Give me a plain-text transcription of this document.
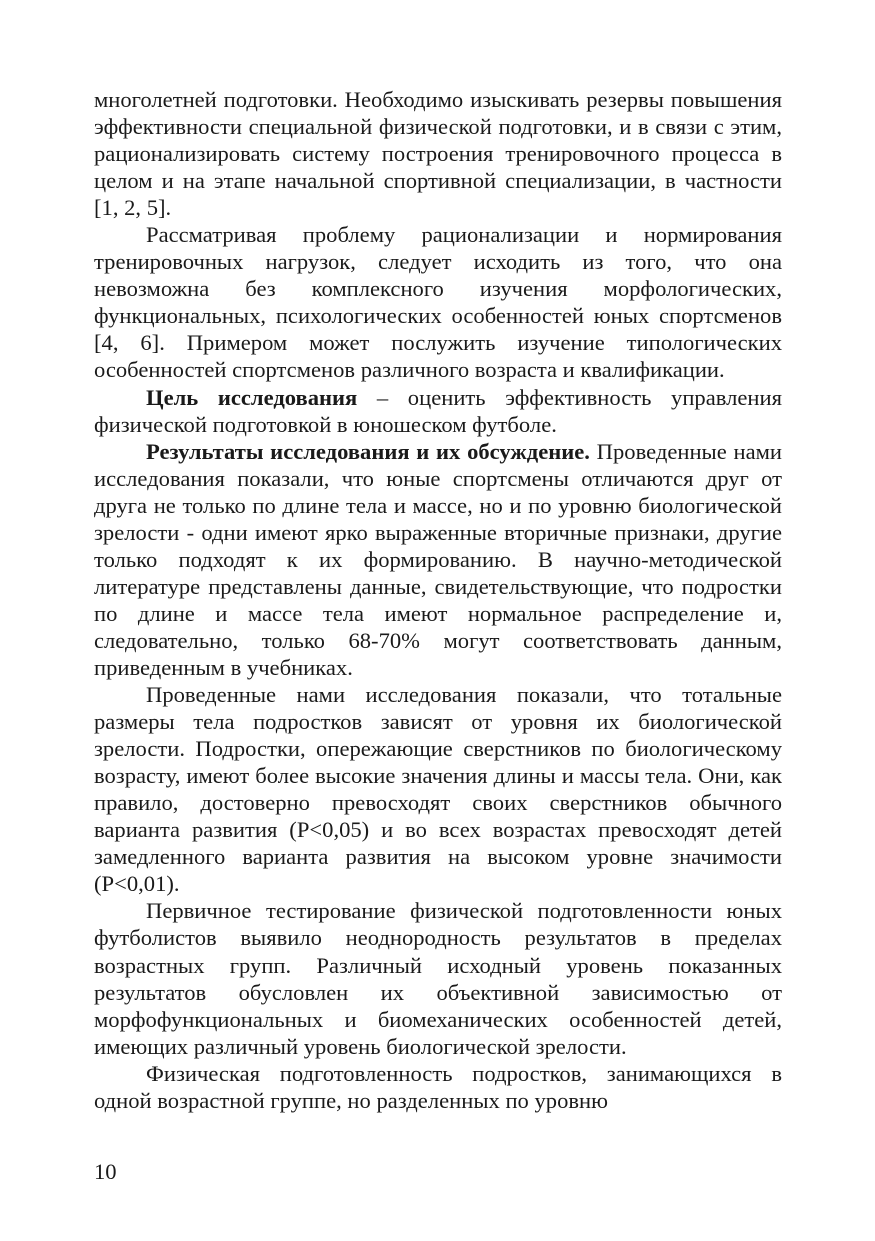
многолетней подготовки. Необходимо изыскивать резервы повышения эффективности специальной физической подготовки, и в связи с этим, рационализировать систему построения тренировочного процесса в целом и на этапе начальной спортивной специализации, в частности [1, 2, 5].

Рассматривая проблему рационализации и нормирования тренировочных нагрузок, следует исходить из того, что она невозможна без комплексного изучения морфологических, функциональных, психологических особенностей юных спортсменов [4, 6]. Примером может послужить изучение типологических особенностей спортсменов различного возраста и квалификации.

Цель исследования – оценить эффективность управления физической подготовкой в юношеском футболе.

Результаты исследования и их обсуждение. Проведенные нами исследования показали, что юные спортсмены отличаются друг от друга не только по длине тела и массе, но и по уровню биологической зрелости - одни имеют ярко выраженные вторичные признаки, другие только подходят к их формированию. В научно-методической литературе представлены данные, свидетельствующие, что подростки по длине и массе тела имеют нормальное распределение и, следовательно, только 68-70% могут соответствовать данным, приведенным в учебниках.

Проведенные нами исследования показали, что тотальные размеры тела подростков зависят от уровня их биологической зрелости. Подростки, опережающие сверстников по биологическому возрасту, имеют более высокие значения длины и массы тела. Они, как правило, достоверно превосходят своих сверстников обычного варианта развития (Р<0,05) и во всех возрастах превосходят детей замедленного варианта развития на высоком уровне значимости (Р<0,01).

Первичное тестирование физической подготовленности юных футболистов выявило неоднородность результатов в пределах возрастных групп. Различный исходный уровень показанных результатов обусловлен их объективной зависимостью от морфофункциональных и биомеханических особенностей детей, имеющих различный уровень биологической зрелости.

Физическая подготовленность подростков, занимающихся в одной возрастной группе, но разделенных по уровню

10
